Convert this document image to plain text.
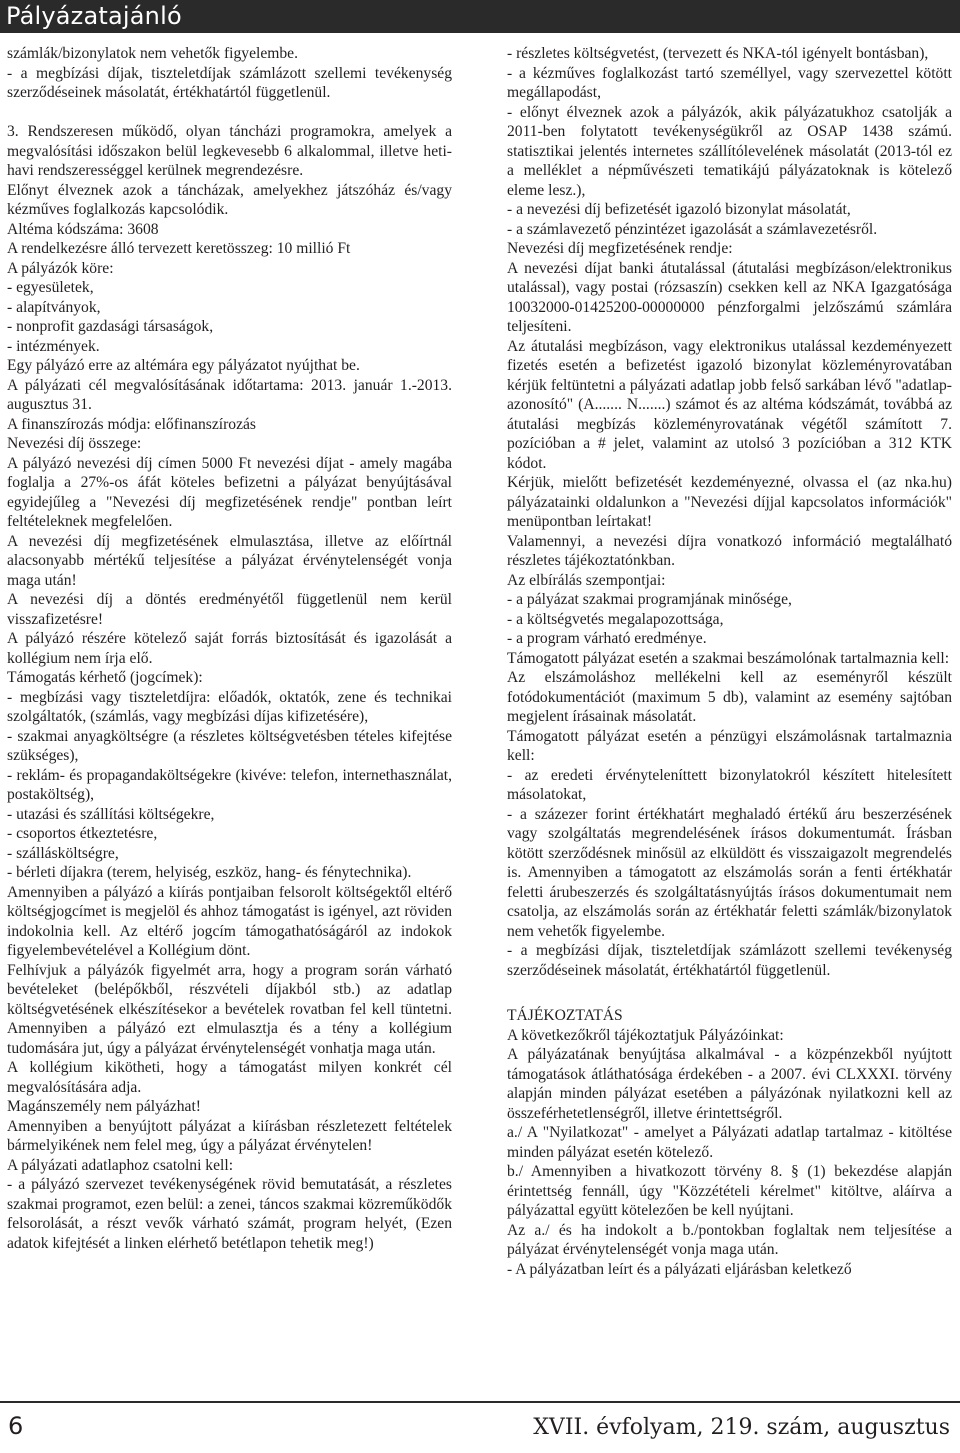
Pályázatajánló

számlák/bizonylatok nem vehetők figyelembe.

- a megbízási díjak, tiszteletdíjak számlázott szellemi tevékenység szerződéseinek másolatát, értékhatártól függetlenül.

3. Rendszeresen működő, olyan táncházi programokra, amelyek a megvalósítási időszakon belül legkevesebb 6 alkalommal, illetve heti-havi rendszerességgel kerülnek megrendezésre.

Előnyt élveznek azok a táncházak, amelyekhez játszóház és/vagy kézműves foglalkozás kapcsolódik.

Altéma kódszáma: 3608

A rendelkezésre álló tervezett keretösszeg: 10 millió Ft

A pályázók köre:

- egyesületek,

- alapítványok,

- nonprofit gazdasági társaságok,

- intézmények.

Egy pályázó erre az altémára egy pályázatot nyújthat be.

A pályázati cél megvalósításának időtartama: 2013. január 1.-2013. augusztus 31.

A finanszírozás módja: előfinanszírozás

Nevezési díj összege:

A pályázó nevezési díj címen 5000 Ft nevezési díjat - amely magába foglalja a 27%-os áfát köteles befizetni a pályázat benyújtásával egyidejűleg a "Nevezési díj megfizetésének rendje" pontban leírt feltételeknek megfelelően.

A nevezési díj megfizetésének elmulasztása, illetve az előírtnál alacsonyabb mértékű teljesítése a pályázat érvénytelenségét vonja maga után!

A nevezési díj a döntés eredményétől függetlenül nem kerül visszafizetésre!

A pályázó részére kötelező saját forrás biztosítását és igazolását a kollégium nem írja elő.

Támogatás kérhető (jogcímek):

- megbízási vagy tiszteletdíjra: előadók, oktatók, zene és technikai szolgáltatók, (számlás, vagy megbízási díjas kifizetésére),

- szakmai anyagköltségre (a részletes költségvetésben tételes kifejtése szükséges),

- reklám- és propagandaköltségekre (kivéve: telefon, internethasználat, postaköltség),

- utazási és szállítási költségekre,

- csoportos étkeztetésre,

- szállásköltségre,

- bérleti díjakra (terem, helyiség, eszköz, hang- és fénytechnika).

Amennyiben a pályázó a kiírás pontjaiban felsorolt költségektől eltérő költségjogcímet is megjelöl és ahhoz támogatást is igényel, azt röviden indokolnia kell. Az eltérő jogcím támogathatóságáról az indokok figyelembevételével a Kollégium dönt.

Felhívjuk a pályázók figyelmét arra, hogy a program során várható bevételeket (belépőkből, részvételi díjakból stb.) az adatlap költségvetésének elkészítésekor a bevételek rovatban fel kell tüntetni. Amennyiben a pályázó ezt elmulasztja és a tény a kollégium tudomására jut, úgy a pályázat érvénytelenségét vonhatja maga után.

A kollégium kikötheti, hogy a támogatást milyen konkrét cél megvalósítására adja.

Magánszemély nem pályázhat!

Amennyiben a benyújtott pályázat a kiírásban részletezett feltételek bármelyikének nem felel meg, úgy a pályázat érvénytelen!

A pályázati adatlaphoz csatolni kell:

- a pályázó szervezet tevékenységének rövid bemutatását, a részletes szakmai programot, ezen belül: a zenei, táncos szakmai közreműködők felsorolását, a részt vevők várható számát, program helyét, (Ezen adatok kifejtését a linken elérhető betétlapon tehetik meg!)

- részletes költségvetést, (tervezett és NKA-tól igényelt bontásban),

- a kézműves foglalkozást tartó személlyel, vagy szervezettel kötött megállapodást,

- előnyt élveznek azok a pályázók, akik pályázatukhoz csatolják a 2011-ben folytatott tevékenységükről az OSAP 1438 számú. statisztikai jelentés internetes szállítólevelének másolatát (2013-tól ez a melléklet a népművészeti tematikájú pályázatoknak is kötelező eleme lesz.),

- a nevezési díj befizetését igazoló bizonylat másolatát,

- a számlavezető pénzintézet igazolását a számlavezetésről.

Nevezési díj megfizetésének rendje:

A nevezési díjat banki átutalással (átutalási megbízáson/elektronikus utalással), vagy postai (rózsaszín) csekken kell az NKA Igazgatósága 10032000-01425200-00000000 pénzforgalmi jelzőszámú számlára teljesíteni.

Az átutalási megbízáson, vagy elektronikus utalással kezdeményezett fizetés esetén a befizetést igazoló bizonylat közleményrovatában kérjük feltüntetni a pályázati adatlap jobb felső sarkában lévő "adatlap-azonosító" (A....... N.......) számot és az altéma kódszámát, továbbá az átutalási megbízás közleményrovatának végétől számított 7. pozícióban a # jelet, valamint az utolsó 3 pozícióban a 312 KTK kódot.

Kérjük, mielőtt befizetését kezdeményezné, olvassa el (az nka.hu) pályázatainki oldalunkon a "Nevezési díjjal kapcsolatos információk" menüpontban leírtakat!

Valamennyi, a nevezési díjra vonatkozó információ megtalálható részletes tájékoztatónkban.

Az elbírálás szempontjai:

- a pályázat szakmai programjának minősége,

- a költségvetés megalapozottsága,

- a program várható eredménye.

Támogatott pályázat esetén a szakmai beszámolónak tartalmaznia kell:

Az elszámoláshoz mellékelni kell az eseményről készült fotódokumentációt (maximum 5 db), valamint az esemény sajtóban megjelent írásainak másolatát.

Támogatott pályázat esetén a pénzügyi elszámolásnak tartalmaznia kell:

- az eredeti érvényteleníttett bizonylatokról készített hitelesített másolatokat,

- a százezer forint értékhatárt meghaladó értékű áru beszerzésének vagy szolgáltatás megrendelésének írásos dokumentumát. Írásban kötött szerződésnek minősül az elküldött és visszaigazolt megrendelés is. Amennyiben a támogatott az elszámolás során a fenti értékhatár feletti árubeszerzés és szolgáltatásnyújtás írásos dokumentumait nem csatolja, az elszámolás során az értékhatár feletti számlák/bizonylatok nem vehetők figyelembe.

- a megbízási díjak, tiszteletdíjak számlázott szellemi tevékenység szerződéseinek másolatát, értékhatártól függetlenül.

TÁJÉKOZTATÁS

A következőkről tájékoztatjuk Pályázóinkat:

A pályázatának benyújtása alkalmával - a közpénzekből nyújtott támogatások átláthatósága érdekében - a 2007. évi CLXXXI. törvény alapján minden pályázat esetében a pályázónak nyilatkozni kell az összeférhetetlenségről, illetve érintettségről.

a./ A "Nyilatkozat" - amelyet a Pályázati adatlap tartalmaz - kitöltése minden pályázat esetén kötelező.

b./ Amennyiben a hivatkozott törvény 8. § (1) bekezdése alapján érintettség fennáll, úgy "Közzétételi kérelmet" kitöltve, aláírva a pályázattal együtt kötelezően be kell nyújtani.

Az a./ és ha indokolt a b./pontokban foglaltak nem teljesítése a pályázat érvénytelenségét vonja maga után.

- A pályázatban leírt és a pályázati eljárásban keletkező

6	XVII. évfolyam, 219. szám, augusztus
